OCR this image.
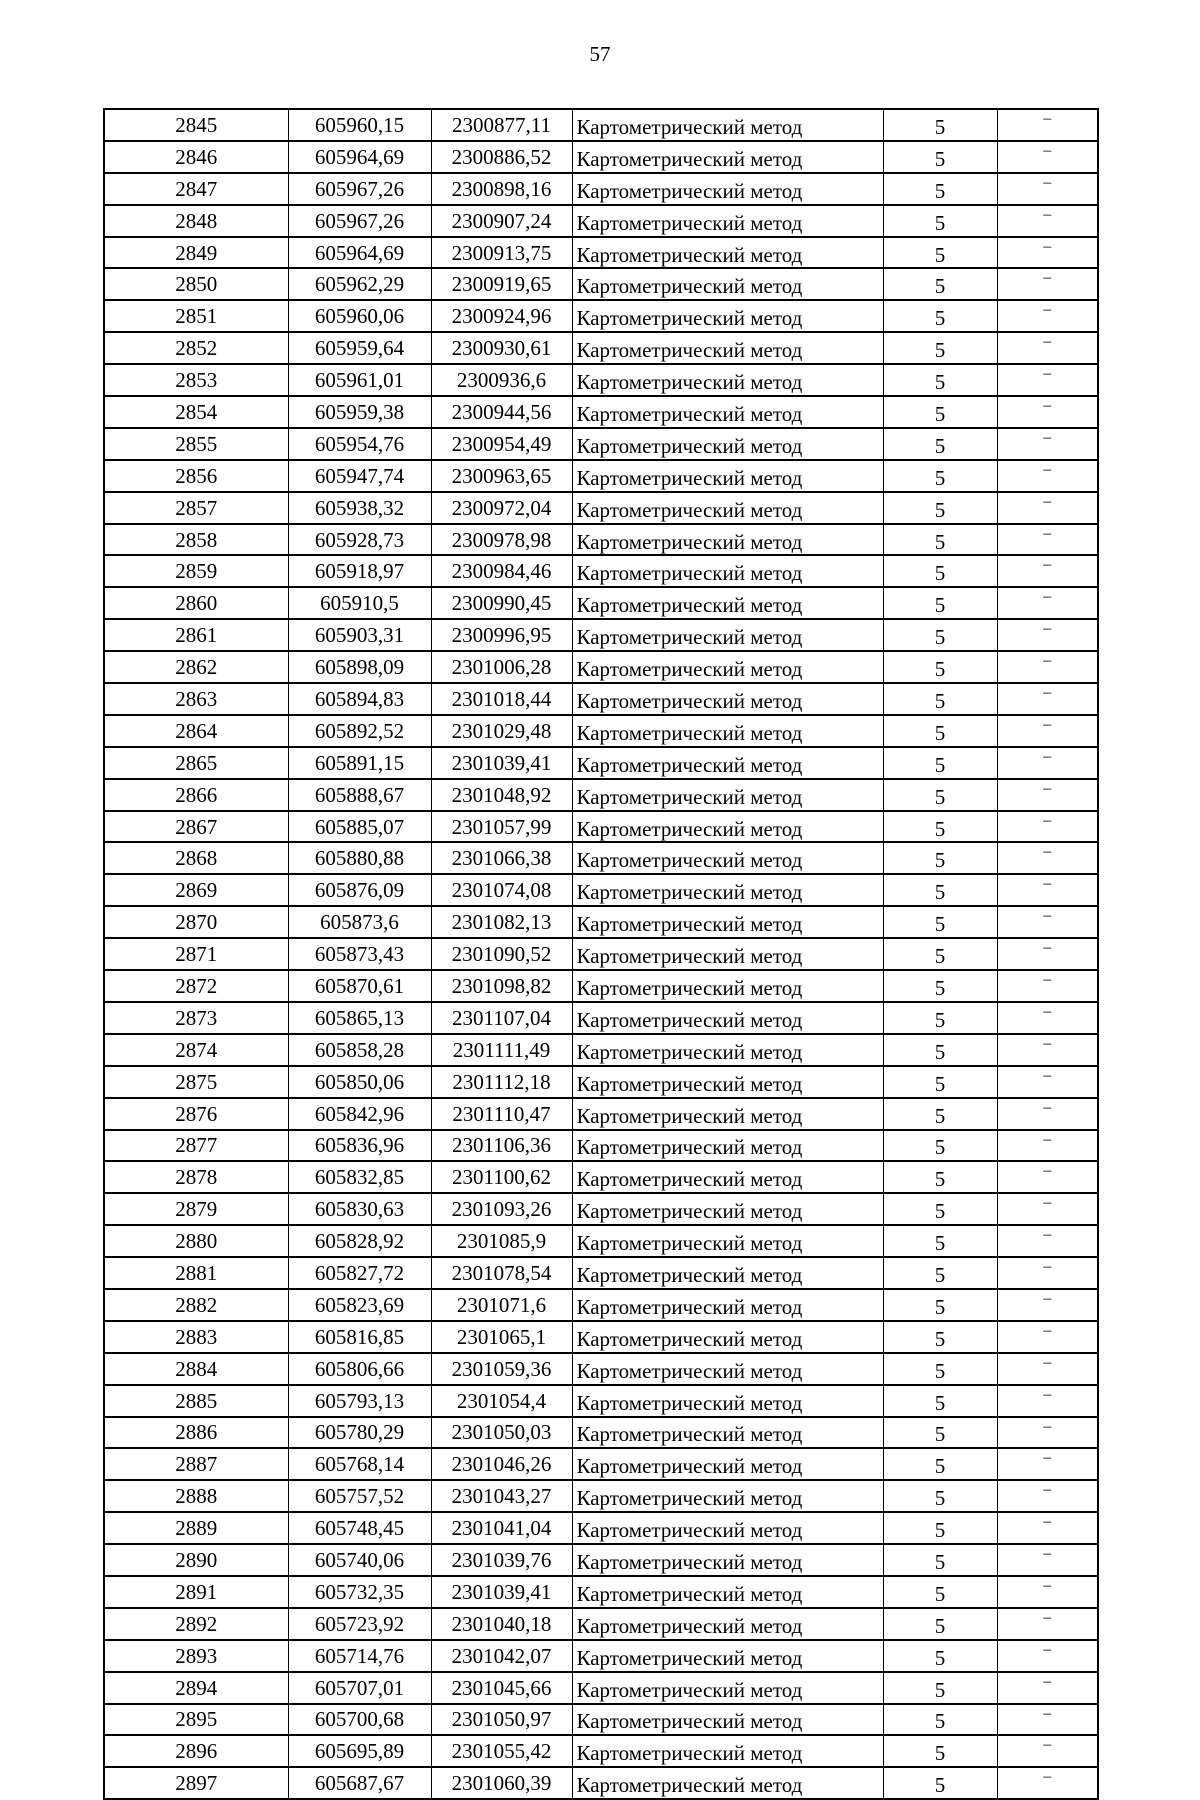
57
2845	605960,15	2300877,11	Картометрический метод	5	–
2846	605964,69	2300886,52	Картометрический метод	5	–
2847	605967,26	2300898,16	Картометрический метод	5	–
2848	605967,26	2300907,24	Картометрический метод	5	–
2849	605964,69	2300913,75	Картометрический метод	5	–
2850	605962,29	2300919,65	Картометрический метод	5	–
2851	605960,06	2300924,96	Картометрический метод	5	–
2852	605959,64	2300930,61	Картометрический метод	5	–
2853	605961,01	2300936,6	Картометрический метод	5	–
2854	605959,38	2300944,56	Картометрический метод	5	–
2855	605954,76	2300954,49	Картометрический метод	5	–
2856	605947,74	2300963,65	Картометрический метод	5	–
2857	605938,32	2300972,04	Картометрический метод	5	–
2858	605928,73	2300978,98	Картометрический метод	5	–
2859	605918,97	2300984,46	Картометрический метод	5	–
2860	605910,5	2300990,45	Картометрический метод	5	–
2861	605903,31	2300996,95	Картометрический метод	5	–
2862	605898,09	2301006,28	Картометрический метод	5	–
2863	605894,83	2301018,44	Картометрический метод	5	–
2864	605892,52	2301029,48	Картометрический метод	5	–
2865	605891,15	2301039,41	Картометрический метод	5	–
2866	605888,67	2301048,92	Картометрический метод	5	–
2867	605885,07	2301057,99	Картометрический метод	5	–
2868	605880,88	2301066,38	Картометрический метод	5	–
2869	605876,09	2301074,08	Картометрический метод	5	–
2870	605873,6	2301082,13	Картометрический метод	5	–
2871	605873,43	2301090,52	Картометрический метод	5	–
2872	605870,61	2301098,82	Картометрический метод	5	–
2873	605865,13	2301107,04	Картометрический метод	5	–
2874	605858,28	2301111,49	Картометрический метод	5	–
2875	605850,06	2301112,18	Картометрический метод	5	–
2876	605842,96	2301110,47	Картометрический метод	5	–
2877	605836,96	2301106,36	Картометрический метод	5	–
2878	605832,85	2301100,62	Картометрический метод	5	–
2879	605830,63	2301093,26	Картометрический метод	5	–
2880	605828,92	2301085,9	Картометрический метод	5	–
2881	605827,72	2301078,54	Картометрический метод	5	–
2882	605823,69	2301071,6	Картометрический метод	5	–
2883	605816,85	2301065,1	Картометрический метод	5	–
2884	605806,66	2301059,36	Картометрический метод	5	–
2885	605793,13	2301054,4	Картометрический метод	5	–
2886	605780,29	2301050,03	Картометрический метод	5	–
2887	605768,14	2301046,26	Картометрический метод	5	–
2888	605757,52	2301043,27	Картометрический метод	5	–
2889	605748,45	2301041,04	Картометрический метод	5	–
2890	605740,06	2301039,76	Картометрический метод	5	–
2891	605732,35	2301039,41	Картометрический метод	5	–
2892	605723,92	2301040,18	Картометрический метод	5	–
2893	605714,76	2301042,07	Картометрический метод	5	–
2894	605707,01	2301045,66	Картометрический метод	5	–
2895	605700,68	2301050,97	Картометрический метод	5	–
2896	605695,89	2301055,42	Картометрический метод	5	–
2897	605687,67	2301060,39	Картометрический метод	5	–
